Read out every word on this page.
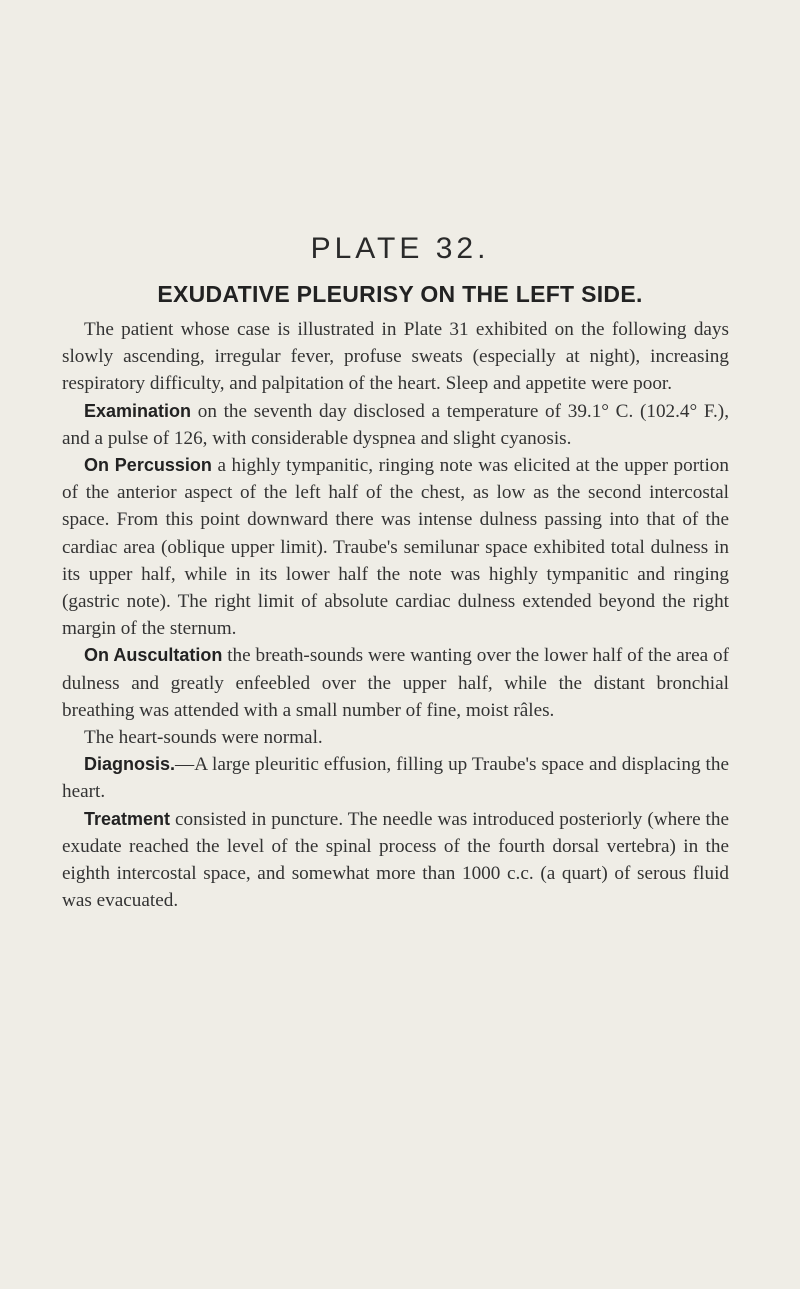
PLATE 32.
EXUDATIVE PLEURISY ON THE LEFT SIDE.

The patient whose case is illustrated in Plate 31 exhibited on the following days slowly ascending, irregular fever, profuse sweats (especially at night), increasing respiratory difficulty, and palpitation of the heart. Sleep and appetite were poor.

Examination on the seventh day disclosed a temperature of 39.1° C. (102.4° F.), and a pulse of 126, with considerable dyspnea and slight cyanosis.

On Percussion a highly tympanitic, ringing note was elicited at the upper portion of the anterior aspect of the left half of the chest, as low as the second intercostal space. From this point downward there was intense dulness passing into that of the cardiac area (oblique upper limit). Traube's semilunar space exhibited total dulness in its upper half, while in its lower half the note was highly tympanitic and ringing (gastric note). The right limit of absolute cardiac dulness extended beyond the right margin of the sternum.

On Auscultation the breath-sounds were wanting over the lower half of the area of dulness and greatly enfeebled over the upper half, while the distant bronchial breathing was attended with a small number of fine, moist râles.

The heart-sounds were normal.

Diagnosis.—A large pleuritic effusion, filling up Traube's space and displacing the heart.

Treatment consisted in puncture. The needle was introduced posteriorly (where the exudate reached the level of the spinal process of the fourth dorsal vertebra) in the eighth intercostal space, and somewhat more than 1000 c.c. (a quart) of serous fluid was evacuated.
